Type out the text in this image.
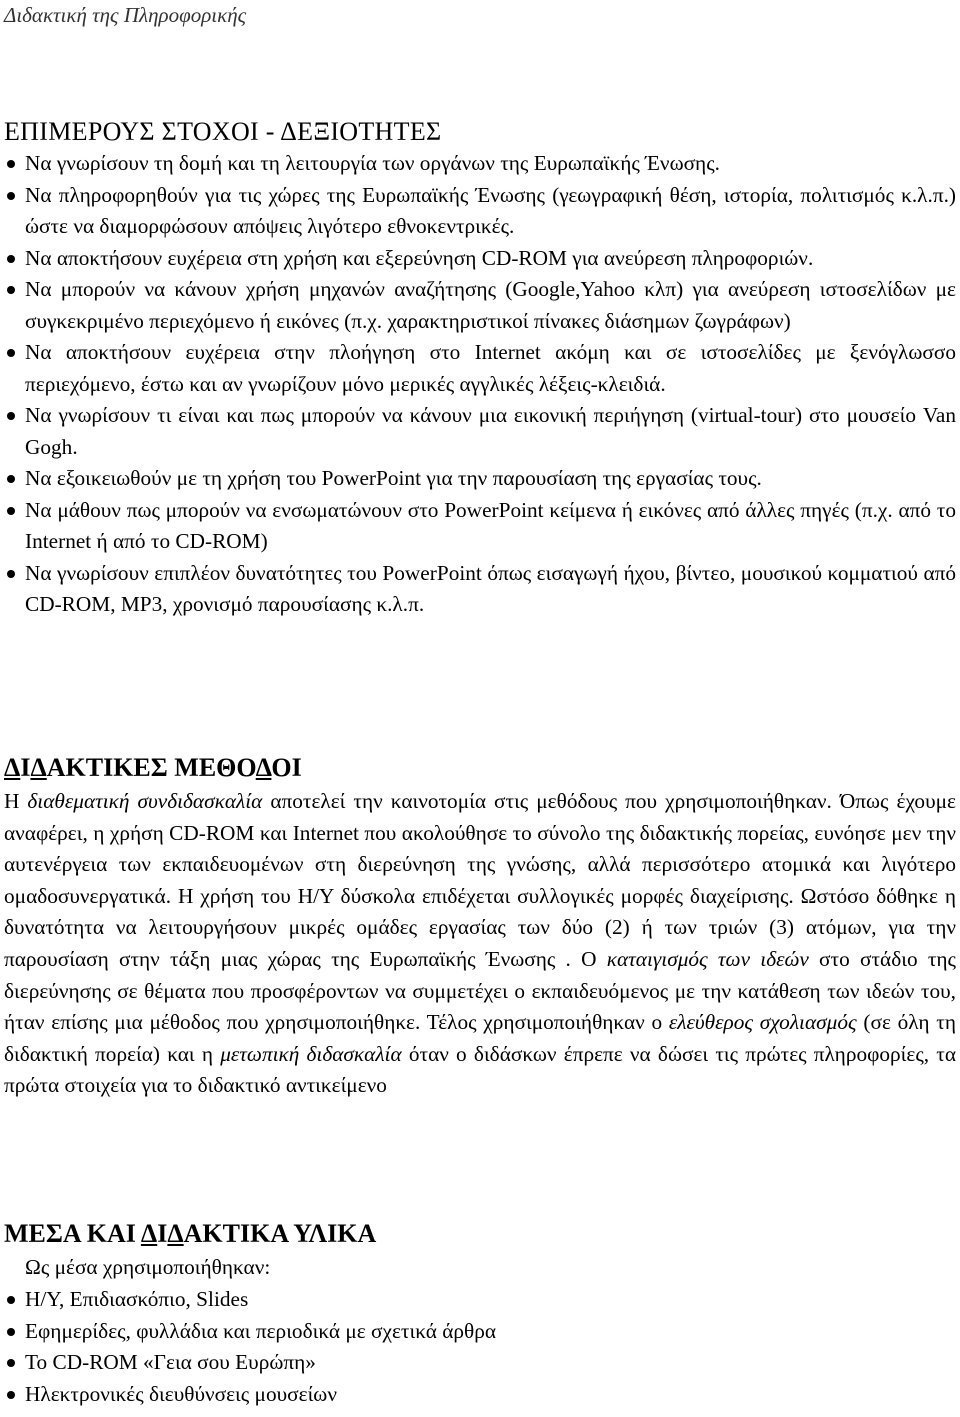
Διδακτική της Πληροφορικής
ΕΠΙΜΕΡΟΥΣ ΣΤΟΧΟΙ - ΔΕΞΙΟΤΗΤΕΣ
Να γνωρίσουν τη δομή και τη λειτουργία των οργάνων της Ευρωπαϊκής Ένωσης.
Να πληροφορηθούν για τις χώρες της Ευρωπαϊκής Ένωσης (γεωγραφική θέση, ιστορία, πολιτισμός κ.λ.π.) ώστε να διαμορφώσουν απόψεις λιγότερο εθνοκεντρικές.
Να αποκτήσουν ευχέρεια στη χρήση και εξερεύνηση CD-ROM για ανεύρεση πληροφοριών.
Να μπορούν να κάνουν χρήση μηχανών αναζήτησης (Google,Yahoo κλπ) για ανεύρεση ιστοσελίδων με συγκεκριμένο περιεχόμενο ή εικόνες (π.χ. χαρακτηριστικοί πίνακες διάσημων ζωγράφων)
Να αποκτήσουν ευχέρεια στην πλοήγηση στο Internet ακόμη και σε ιστοσελίδες με ξενόγλωσσο περιεχόμενο, έστω και αν γνωρίζουν μόνο μερικές αγγλικές λέξεις-κλειδιά.
Να γνωρίσουν τι είναι και πως μπορούν να κάνουν μια εικονική περιήγηση (virtual-tour) στο μουσείο Van Gogh.
Να εξοικειωθούν με τη χρήση του PowerPoint για την παρουσίαση της εργασίας τους.
Να μάθουν πως μπορούν να ενσωματώνουν στο PowerPoint κείμενα ή εικόνες από άλλες πηγές (π.χ. από το Internet ή από το CD-ROM)
Να γνωρίσουν επιπλέον δυνατότητες του PowerPoint όπως εισαγωγή ήχου, βίντεο, μουσικού κομματιού από CD-ROM, MP3, χρονισμό παρουσίασης κ.λ.π.
ΔΙΔΑΚΤΙΚΕΣ ΜΕΘΟΔΟΙ

Η διαθεματική συνδιδασκαλία αποτελεί την καινοτομία στις μεθόδους που χρησιμοποιήθηκαν. Όπως έχουμε αναφέρει, η χρήση CD-ROM και Internet που ακολούθησε το σύνολο της διδακτικής πορείας, ευνόησε μεν την αυτενέργεια των εκπαιδευομένων στη διερεύνηση της γνώσης, αλλά περισσότερο ατομικά και λιγότερο ομαδοσυνεργατικά. Η χρήση του Η/Υ δύσκολα επιδέχεται συλλογικές μορφές διαχείρισης. Ωστόσο δόθηκε η δυνατότητα να λειτουργήσουν μικρές ομάδες εργασίας των δύο (2) ή των τριών (3) ατόμων, για την παρουσίαση στην τάξη μιας χώρας της Ευρωπαϊκής Ένωσης . Ο καταιγισμός των ιδεών στο στάδιο της διερεύνησης σε θέματα που προσφέροντων να συμμετέχει ο εκπαιδευόμενος με την κατάθεση των ιδεών του, ήταν επίσης μια μέθοδος που χρησιμοποιήθηκε. Τέλος χρησιμοποιήθηκαν ο ελεύθερος σχολιασμός (σε όλη τη διδακτική πορεία) και η μετωπική διδασκαλία όταν ο διδάσκων έπρεπε να δώσει τις πρώτες πληροφορίες, τα πρώτα στοιχεία για το διδακτικό αντικείμενο

ΜΕΣΑ ΚΑΙ ΔΙΔΑΚΤΙΚΑ ΥΛΙΚΑ

Ως μέσα χρησιμοποιήθηκαν:

Η/Υ, Επιδιασκόπιο, Slides
Εφημερίδες, φυλλάδια και περιοδικά με σχετικά άρθρα
Το CD-ROM «Γεια σου Ευρώπη»
Ηλεκτρονικές διευθύνσεις μουσείων
